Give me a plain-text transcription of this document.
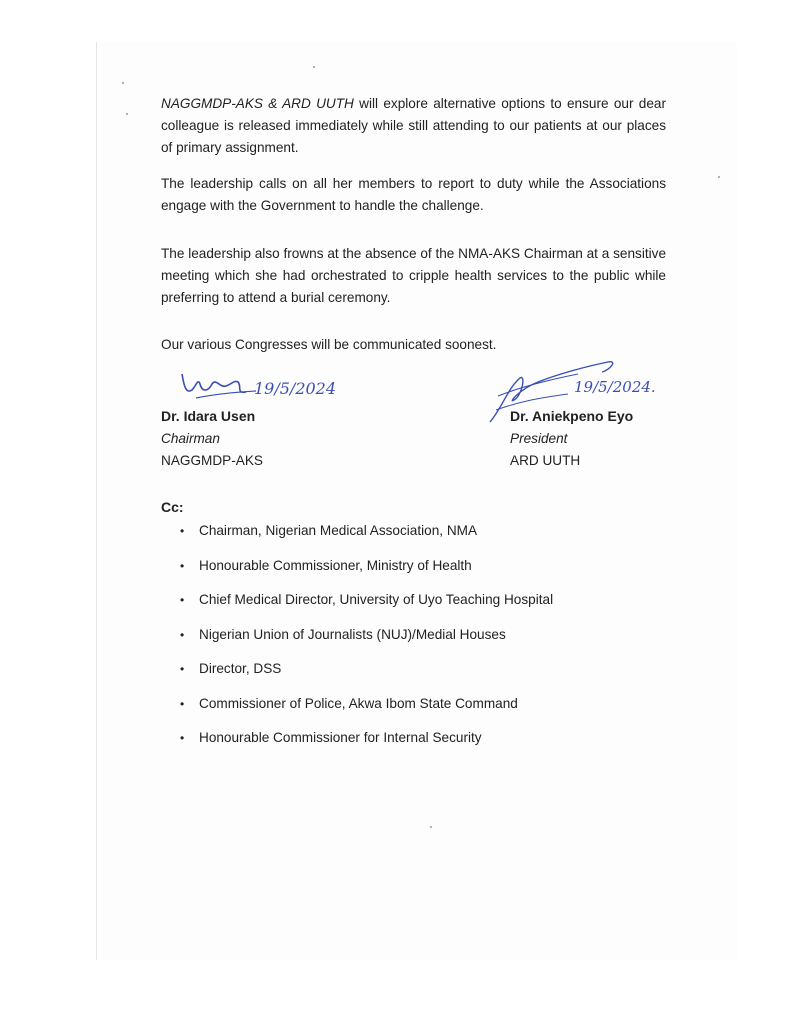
NAGGMDP-AKS & ARD UUTH will explore alternative options to ensure our dear colleague is released immediately while still attending to our patients at our places of primary assignment.

The leadership calls on all her members to report to duty while the Associations engage with the Government to handle the challenge.

The leadership also frowns at the absence of the NMA-AKS Chairman at a sensitive meeting which she had orchestrated to cripple health services to the public while preferring to attend a burial ceremony.

Our various Congresses will be communicated soonest.

19/5/2024	19/5/2024.

Dr. Idara Usen

Chairman

NAGGMDP-AKS

Dr. Aniekpeno Eyo

President

ARD UUTH

Cc:

• Chairman, Nigerian Medical Association, NMA
• Honourable Commissioner, Ministry of Health
• Chief Medical Director, University of Uyo Teaching Hospital
• Nigerian Union of Journalists (NUJ)/Medial Houses
• Director, DSS
• Commissioner of Police, Akwa Ibom State Command
• Honourable Commissioner for Internal Security
